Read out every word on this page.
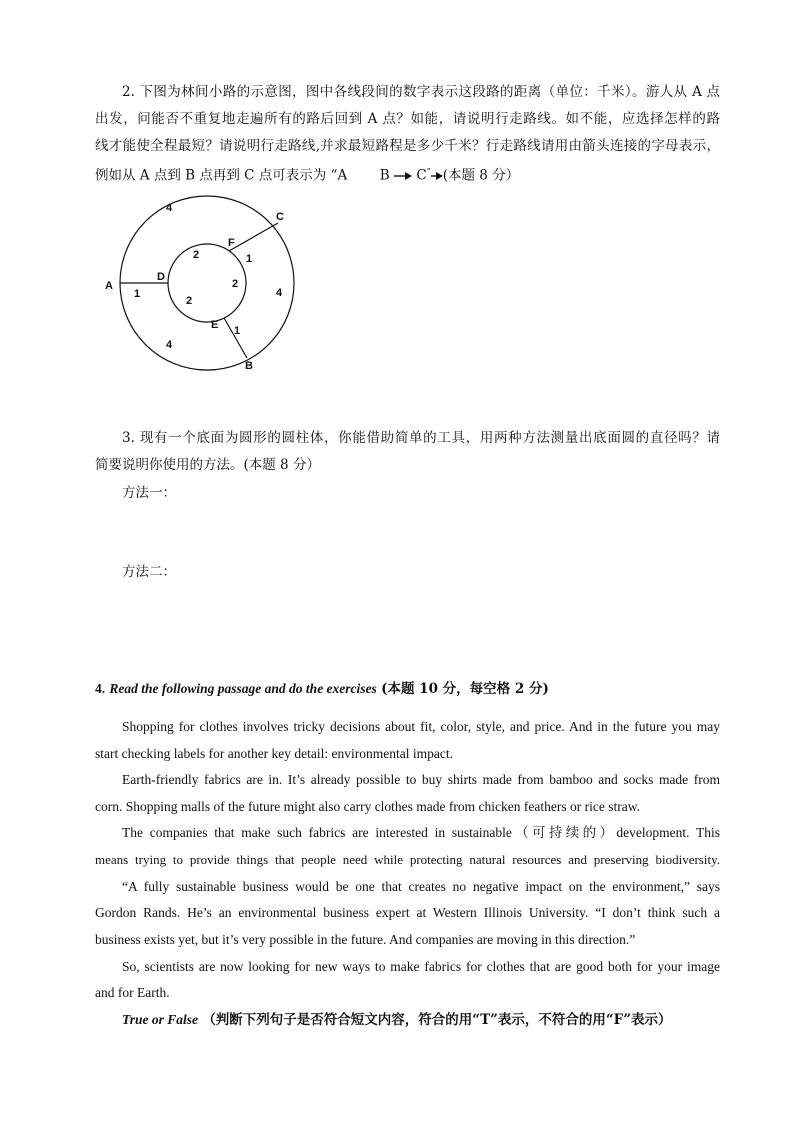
2. 下图为林间小路的示意图，图中各线段间的数字表示这段路的距离（单位：千米）。游人从 A 点
出发，问能否不重复地走遍所有的路后回到 A 点？如能，请说明行走路线。如不能，应选择怎样的路
线才能使全程最短？请说明行走路线,并求最短路程是多少千米？行走路线请用由箭头连接的字母表示，
例如从 A 点到 B 点再到 C 点可表示为 “A B C” (本题 8 分）
A
B
C
D
E
F
4
4
4
1
1
1
2
2
2
3. 现有一个底面为圆形的圆柱体，你能借助简单的工具，用两种方法测量出底面圆的直径吗？请
简要说明你使用的方法。(本题 8 分）
方法一：
方法二：
4. Read the following passage and do the exercises (本题 10 分，每空格 2 分)
Shopping for clothes involves tricky decisions about fit, color, style, and price. And in the future you may
start checking labels for another key detail: environmental impact.
Earth-friendly fabrics are in. It’s already possible to buy shirts made from bamboo and socks made from
corn. Shopping malls of the future might also carry clothes made from chicken feathers or rice straw.
The companies that make such fabrics are interested in sustainable（可持续的）development. This
means trying to provide things that people need while protecting natural resources and preserving biodiversity.
“A fully sustainable business would be one that creates no negative impact on the environment,” says
Gordon Rands. He’s an environmental business expert at Western Illinois University. “I don’t think such a
business exists yet, but it’s very possible in the future. And companies are moving in this direction.”
So, scientists are now looking for new ways to make fabrics for clothes that are good both for your image
and for Earth.
True or False （判断下列句子是否符合短文内容，符合的用“T”表示，不符合的用“F”表示）
